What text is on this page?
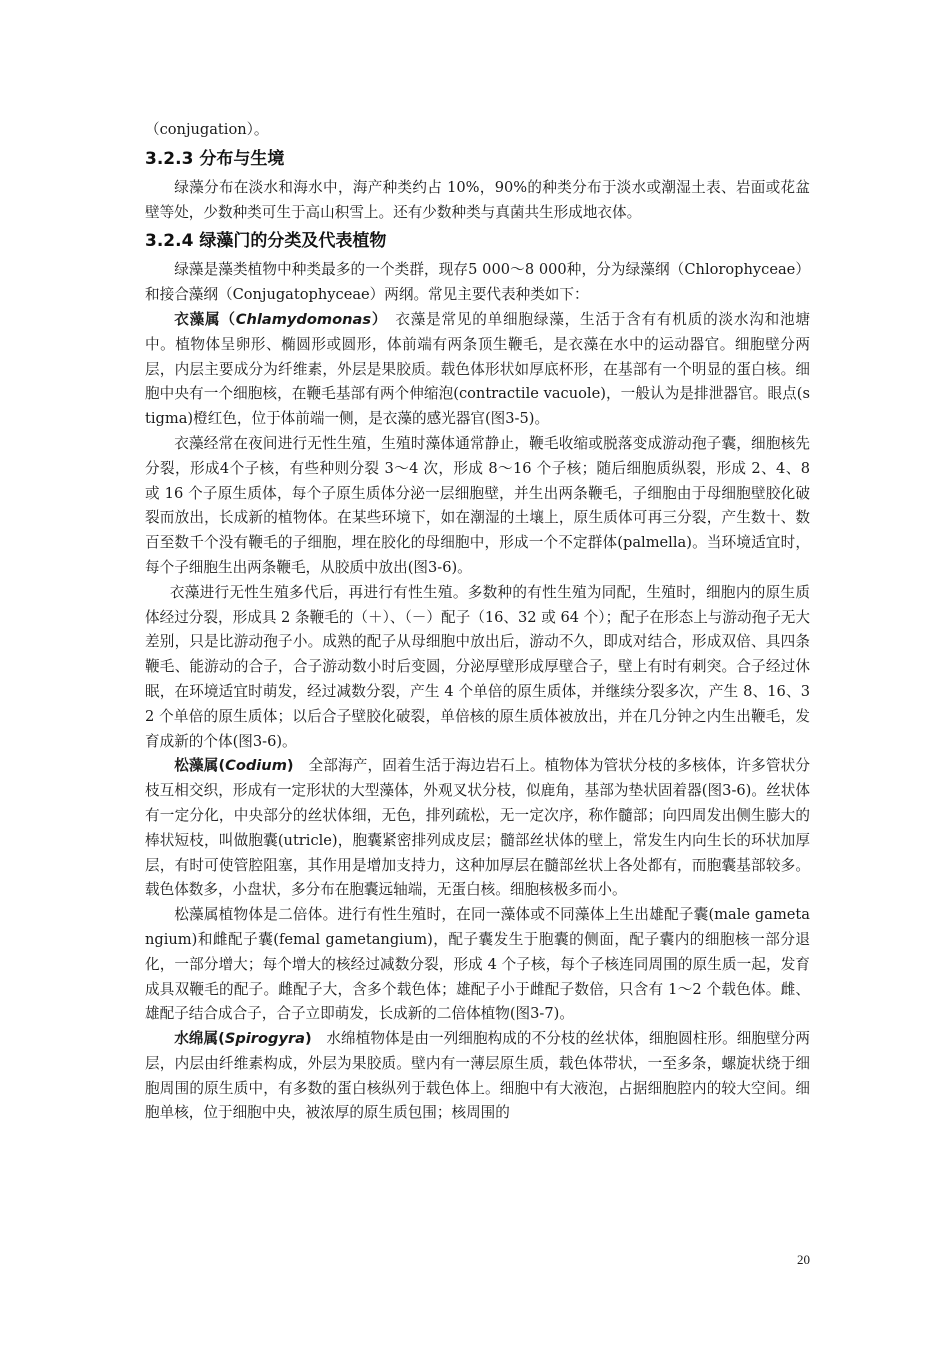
（conjugation）。

3.2.3 分布与生境

绿藻分布在淡水和海水中，海产种类约占 10%，90%的种类分布于淡水或潮湿土表、岩面或花盆壁等处，少数种类可生于高山积雪上。还有少数种类与真菌共生形成地衣体。

3.2.4 绿藻门的分类及代表植物

绿藻是藻类植物中种类最多的一个类群，现存5 000～8 000种，分为绿藻纲（Chlorophyceae）和接合藻纲（Conjugatophyceae）两纲。常见主要代表种类如下：

衣藻属（Chlamydomonas）　衣藻是常见的单细胞绿藻，生活于含有有机质的淡水沟和池塘中。植物体呈卵形、椭圆形或圆形，体前端有两条顶生鞭毛，是衣藻在水中的运动器官。细胞壁分两层，内层主要成分为纤维素，外层是果胶质。载色体形状如厚底杯形，在基部有一个明显的蛋白核。细胞中央有一个细胞核，在鞭毛基部有两个伸缩泡(contractile vacuole)，一般认为是排泄器官。眼点(stigma)橙红色，位于体前端一侧，是衣藻的感光器官(图3-5)。

衣藻经常在夜间进行无性生殖，生殖时藻体通常静止，鞭毛收缩或脱落变成游动孢子囊，细胞核先分裂，形成4个子核，有些种则分裂 3～4 次，形成 8～16 个子核；随后细胞质纵裂，形成 2、4、8 或 16 个子原生质体，每个子原生质体分泌一层细胞壁，并生出两条鞭毛，子细胞由于母细胞壁胶化破裂而放出，长成新的植物体。在某些环境下，如在潮湿的土壤上，原生质体可再三分裂，产生数十、数百至数千个没有鞭毛的子细胞，埋在胶化的母细胞中，形成一个不定群体(palmella)。当环境适宜时，每个子细胞生出两条鞭毛，从胶质中放出(图3-6)。

衣藻进行无性生殖多代后，再进行有性生殖。多数种的有性生殖为同配，生殖时，细胞内的原生质体经过分裂，形成具 2 条鞭毛的（＋）、（－）配子（16、32 或 64 个）；配子在形态上与游动孢子无大差别，只是比游动孢子小。成熟的配子从母细胞中放出后，游动不久，即成对结合，形成双倍、具四条鞭毛、能游动的合子，合子游动数小时后变圆，分泌厚壁形成厚壁合子，壁上有时有刺突。合子经过休眠，在环境适宜时萌发，经过减数分裂，产生 4 个单倍的原生质体，并继续分裂多次，产生 8、16、32 个单倍的原生质体；以后合子壁胶化破裂，单倍核的原生质体被放出，并在几分钟之内生出鞭毛，发育成新的个体(图3-6)。

松藻属(Codium)　全部海产，固着生活于海边岩石上。植物体为管状分枝的多核体，许多管状分枝互相交织，形成有一定形状的大型藻体，外观叉状分枝，似鹿角，基部为垫状固着器(图3-6)。丝状体有一定分化，中央部分的丝状体细，无色，排列疏松，无一定次序，称作髓部；向四周发出侧生膨大的棒状短枝，叫做胞囊(utricle)，胞囊紧密排列成皮层；髓部丝状体的壁上，常发生内向生长的环状加厚层，有时可使管腔阻塞，其作用是增加支持力，这种加厚层在髓部丝状上各处都有，而胞囊基部较多。载色体数多，小盘状，多分布在胞囊远轴端，无蛋白核。细胞核极多而小。

松藻属植物体是二倍体。进行有性生殖时，在同一藻体或不同藻体上生出雄配子囊(male gametangium)和雌配子囊(femal gametangium)，配子囊发生于胞囊的侧面，配子囊内的细胞核一部分退化，一部分增大；每个增大的核经过减数分裂，形成 4 个子核，每个子核连同周围的原生质一起，发育成具双鞭毛的配子。雌配子大，含多个载色体；雄配子小于雌配子数倍，只含有 1～2 个载色体。雌、雄配子结合成合子，合子立即萌发，长成新的二倍体植物(图3-7)。

水绵属(Spirogyra)　水绵植物体是由一列细胞构成的不分枝的丝状体，细胞圆柱形。细胞壁分两层，内层由纤维素构成，外层为果胶质。壁内有一薄层原生质，载色体带状，一至多条，螺旋状绕于细胞周围的原生质中，有多数的蛋白核纵列于载色体上。细胞中有大液泡，占据细胞腔内的较大空间。细胞单核，位于细胞中央，被浓厚的原生质包围；核周围的

20
